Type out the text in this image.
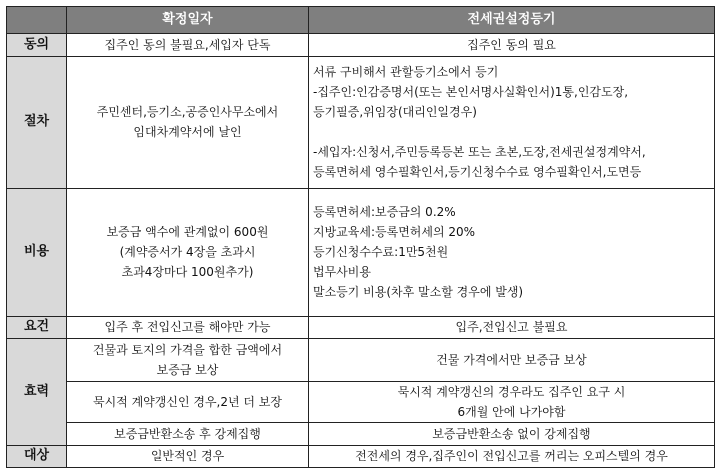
	확정일자	전세권설정등기
동의	집주인 동의 불필요,세입자 단독	집주인 동의 필요
절차	주민센터,등기소,공증인사무소에서
임대차계약서에 날인	서류 구비해서 관할등기소에서 등기
-집주인:인감증명서(또는 본인서명사실확인서)1통,인감도장,
등기필증,위임장(대리인일경우)
-세입자:신청서,주민등록등본 또는 초본,도장,전세권설정계약서,
등록면허세 영수필확인서,등기신청수수료 영수필확인서,도면등

비용	보증금 액수에 관계없이 600원
(계약증서가 4장을 초과시
초과4장마다 100원추가)	등록면허세:보증금의 0.2%
지방교육세:등록면허세의 20%
등기신청수수료:1만5천원
법무사비용
말소등기 비용(차후 말소할 경우에 발생)

요건	입주 후 전입신고를 해야만 가능	입주,전입신고 불필요
효력	건물과 토지의 가격을 합한 금액에서
보증금 보상	건물 가격에서만 보증금 보상
	묵시적 계약갱신인 경우,2년 더 보장	묵시적 계약갱신의 경우라도 집주인 요구 시
6개월 안에 나가야함

	보증금반환소송 후 강제집행	보증금반환소송 없이 강제집행
대상	일반적인 경우	전전세의 경우,집주인이 전입신고를 꺼리는 오피스텔의 경우
